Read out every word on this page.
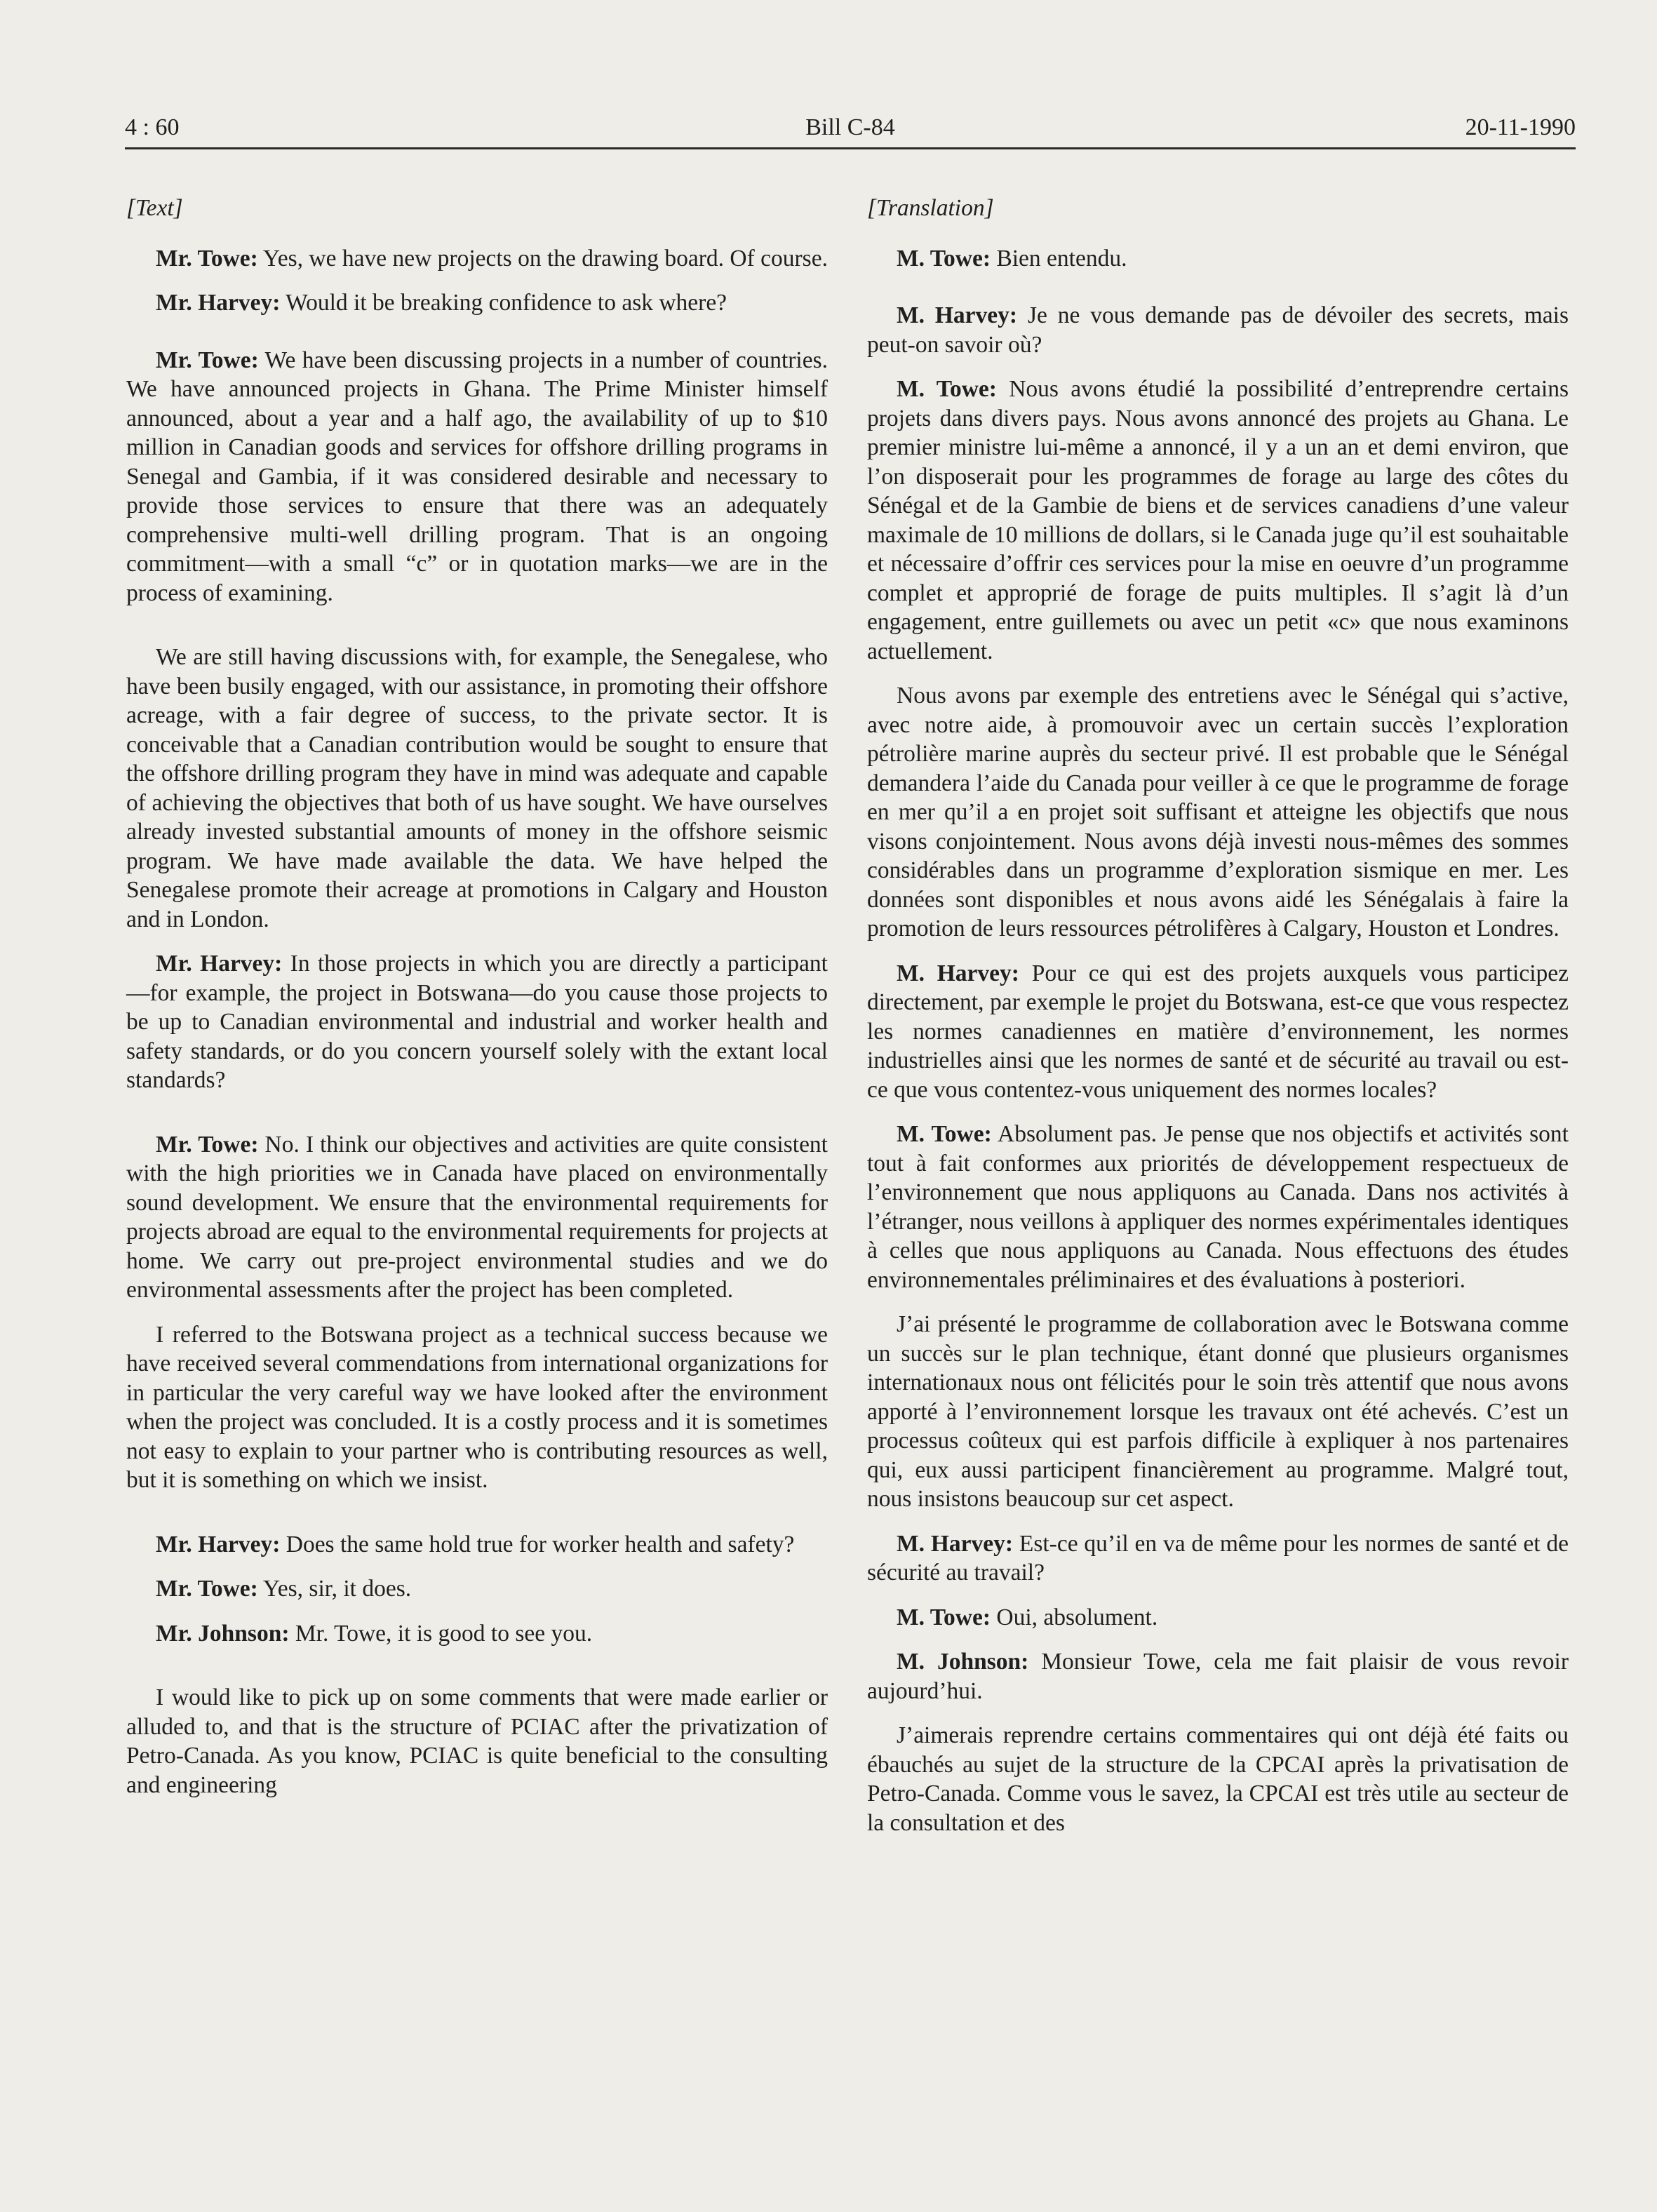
4 : 60	Bill C-84	20-11-1990

[Text]

Mr. Towe: Yes, we have new projects on the drawing board. Of course.

Mr. Harvey: Would it be breaking confidence to ask where?

Mr. Towe: We have been discussing projects in a number of countries. We have announced projects in Ghana. The Prime Minister himself announced, about a year and a half ago, the availability of up to $10 million in Canadian goods and services for offshore drilling programs in Senegal and Gambia, if it was considered desirable and necessary to provide those services to ensure that there was an adequately comprehensive multi-well drilling program. That is an ongoing commitment—with a small “c” or in quotation marks—we are in the process of examining.

We are still having discussions with, for example, the Senegalese, who have been busily engaged, with our assistance, in promoting their offshore acreage, with a fair degree of success, to the private sector. It is conceivable that a Canadian contribution would be sought to ensure that the offshore drilling program they have in mind was adequate and capable of achieving the objectives that both of us have sought. We have ourselves already invested substantial amounts of money in the offshore seismic program. We have made available the data. We have helped the Senegalese promote their acreage at promotions in Calgary and Houston and in London.

Mr. Harvey: In those projects in which you are directly a participant—for example, the project in Botswana—do you cause those projects to be up to Canadian environmental and industrial and worker health and safety standards, or do you concern yourself solely with the extant local standards?

Mr. Towe: No. I think our objectives and activities are quite consistent with the high priorities we in Canada have placed on environmentally sound development. We ensure that the environmental requirements for projects abroad are equal to the environmental requirements for projects at home. We carry out pre-project environmental studies and we do environmental assessments after the project has been completed.

I referred to the Botswana project as a technical success because we have received several commendations from international organizations for in particular the very careful way we have looked after the environment when the project was concluded. It is a costly process and it is sometimes not easy to explain to your partner who is contributing resources as well, but it is something on which we insist.

Mr. Harvey: Does the same hold true for worker health and safety?

Mr. Towe: Yes, sir, it does.

Mr. Johnson: Mr. Towe, it is good to see you.

I would like to pick up on some comments that were made earlier or alluded to, and that is the structure of PCIAC after the privatization of Petro-Canada. As you know, PCIAC is quite beneficial to the consulting and engineering

[Translation]

M. Towe: Bien entendu.

M. Harvey: Je ne vous demande pas de dévoiler des secrets, mais peut-on savoir où?

M. Towe: Nous avons étudié la possibilité d’entreprendre certains projets dans divers pays. Nous avons annoncé des projets au Ghana. Le premier ministre lui-même a annoncé, il y a un an et demi environ, que l’on disposerait pour les programmes de forage au large des côtes du Sénégal et de la Gambie de biens et de services canadiens d’une valeur maximale de 10 millions de dollars, si le Canada juge qu’il est souhaitable et nécessaire d’offrir ces services pour la mise en oeuvre d’un programme complet et approprié de forage de puits multiples. Il s’agit là d’un engagement, entre guillemets ou avec un petit «c» que nous examinons actuellement.

Nous avons par exemple des entretiens avec le Sénégal qui s’active, avec notre aide, à promouvoir avec un certain succès l’exploration pétrolière marine auprès du secteur privé. Il est probable que le Sénégal demandera l’aide du Canada pour veiller à ce que le programme de forage en mer qu’il a en projet soit suffisant et atteigne les objectifs que nous visons conjointement. Nous avons déjà investi nous-mêmes des sommes considérables dans un programme d’exploration sismique en mer. Les données sont disponibles et nous avons aidé les Sénégalais à faire la promotion de leurs ressources pétrolifères à Calgary, Houston et Londres.

M. Harvey: Pour ce qui est des projets auxquels vous participez directement, par exemple le projet du Botswana, est-ce que vous respectez les normes canadiennes en matière d’environnement, les normes industrielles ainsi que les normes de santé et de sécurité au travail ou est-ce que vous contentez-vous uniquement des normes locales?

M. Towe: Absolument pas. Je pense que nos objectifs et activités sont tout à fait conformes aux priorités de développement respectueux de l’environnement que nous appliquons au Canada. Dans nos activités à l’étranger, nous veillons à appliquer des normes expérimentales identiques à celles que nous appliquons au Canada. Nous effectuons des études environnementales préliminaires et des évaluations à posteriori.

J’ai présenté le programme de collaboration avec le Botswana comme un succès sur le plan technique, étant donné que plusieurs organismes internationaux nous ont félicités pour le soin très attentif que nous avons apporté à l’environnement lorsque les travaux ont été achevés. C’est un processus coûteux qui est parfois difficile à expliquer à nos partenaires qui, eux aussi participent financièrement au programme. Malgré tout, nous insistons beaucoup sur cet aspect.

M. Harvey: Est-ce qu’il en va de même pour les normes de santé et de sécurité au travail?

M. Towe: Oui, absolument.

M. Johnson: Monsieur Towe, cela me fait plaisir de vous revoir aujourd’hui.

J’aimerais reprendre certains commentaires qui ont déjà été faits ou ébauchés au sujet de la structure de la CPCAI après la privatisation de Petro-Canada. Comme vous le savez, la CPCAI est très utile au secteur de la consultation et des
